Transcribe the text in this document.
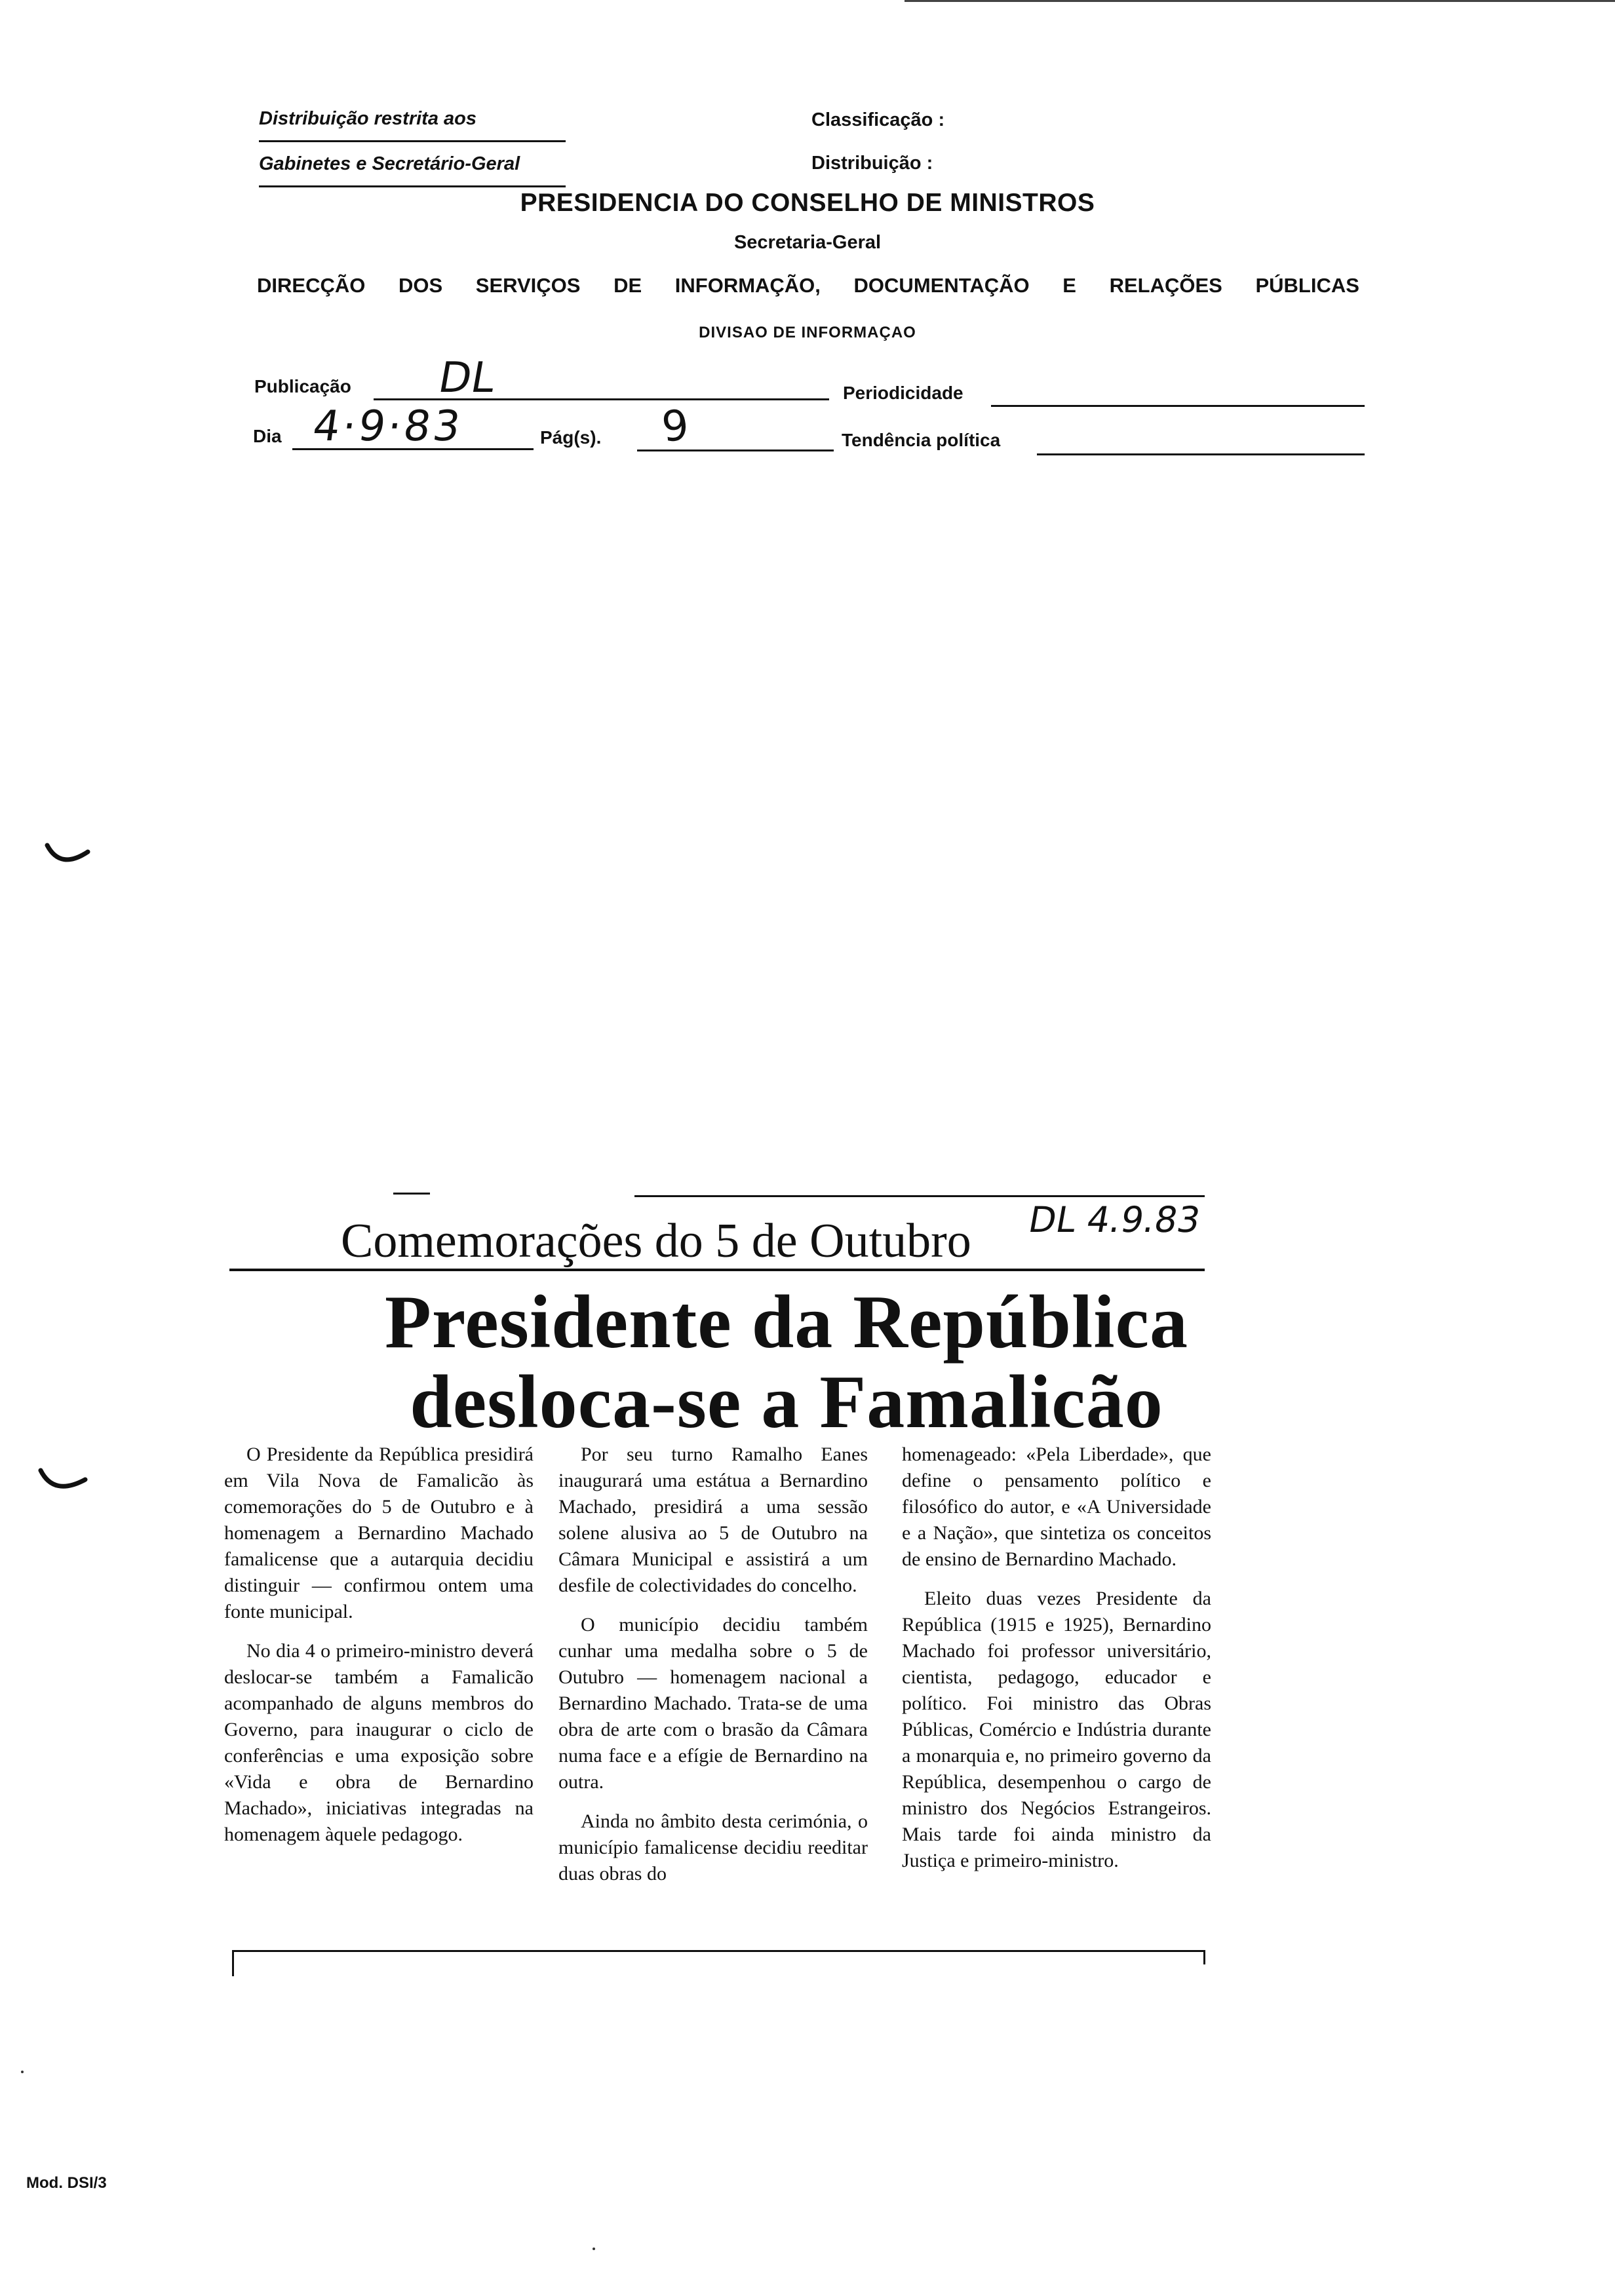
Distribuição restrita aos
Gabinetes e Secretário-Geral
Classificação :
Distribuição :
PRESIDENCIA DO CONSELHO DE MINISTROS
Secretaria-Geral
DIRECÇÃO DOS SERVIÇOS DE INFORMAÇÃO, DOCUMENTAÇÃO E RELAÇÕES PÚBLICAS
DIVISAO DE INFORMAÇAO
Publicação DL	Periodicidade
Dia 4·9·83	Pág(s). 9	Tendência política
Comemorações do 5 de Outubro DL 4.9.83
Presidente da República
desloca-se a Famalicão

O Presidente da República presidirá em Vila Nova de Famalicão às comemorações do 5 de Outubro e à homenagem a Bernardino Machado famalicense que a autarquia decidiu distinguir — confirmou ontem uma fonte municipal.

No dia 4 o primeiro-ministro deverá deslocar-se também a Famalicão acompanhado de alguns membros do Governo, para inaugurar o ciclo de conferências e uma exposição sobre «Vida e obra de Bernardino Machado», iniciativas integradas na homenagem àquele pedagogo.

Por seu turno Ramalho Eanes inaugurará uma estátua a Bernardino Machado, presidirá a uma sessão solene alusiva ao 5 de Outubro na Câmara Municipal e assistirá a um desfile de colectividades do concelho.

O município decidiu também cunhar uma medalha sobre o 5 de Outubro — homenagem nacional a Bernardino Machado. Trata-se de uma obra de arte com o brasão da Câmara numa face e a efígie de Bernardino na outra.

Ainda no âmbito desta cerimónia, o município famalicense decidiu reeditar duas obras do

homenageado: «Pela Liberdade», que define o pensamento político e filosófico do autor, e «A Universidade e a Nação», que sintetiza os conceitos de ensino de Bernardino Machado.

Eleito duas vezes Presidente da República (1915 e 1925), Bernardino Machado foi professor universitário, cientista, pedagogo, educador e político. Foi ministro das Obras Públicas, Comércio e Indústria durante a monarquia e, no primeiro governo da República, desempenhou o cargo de ministro dos Negócios Estrangeiros. Mais tarde foi ainda ministro da Justiça e primeiro-ministro.

Mod. DSI/3
